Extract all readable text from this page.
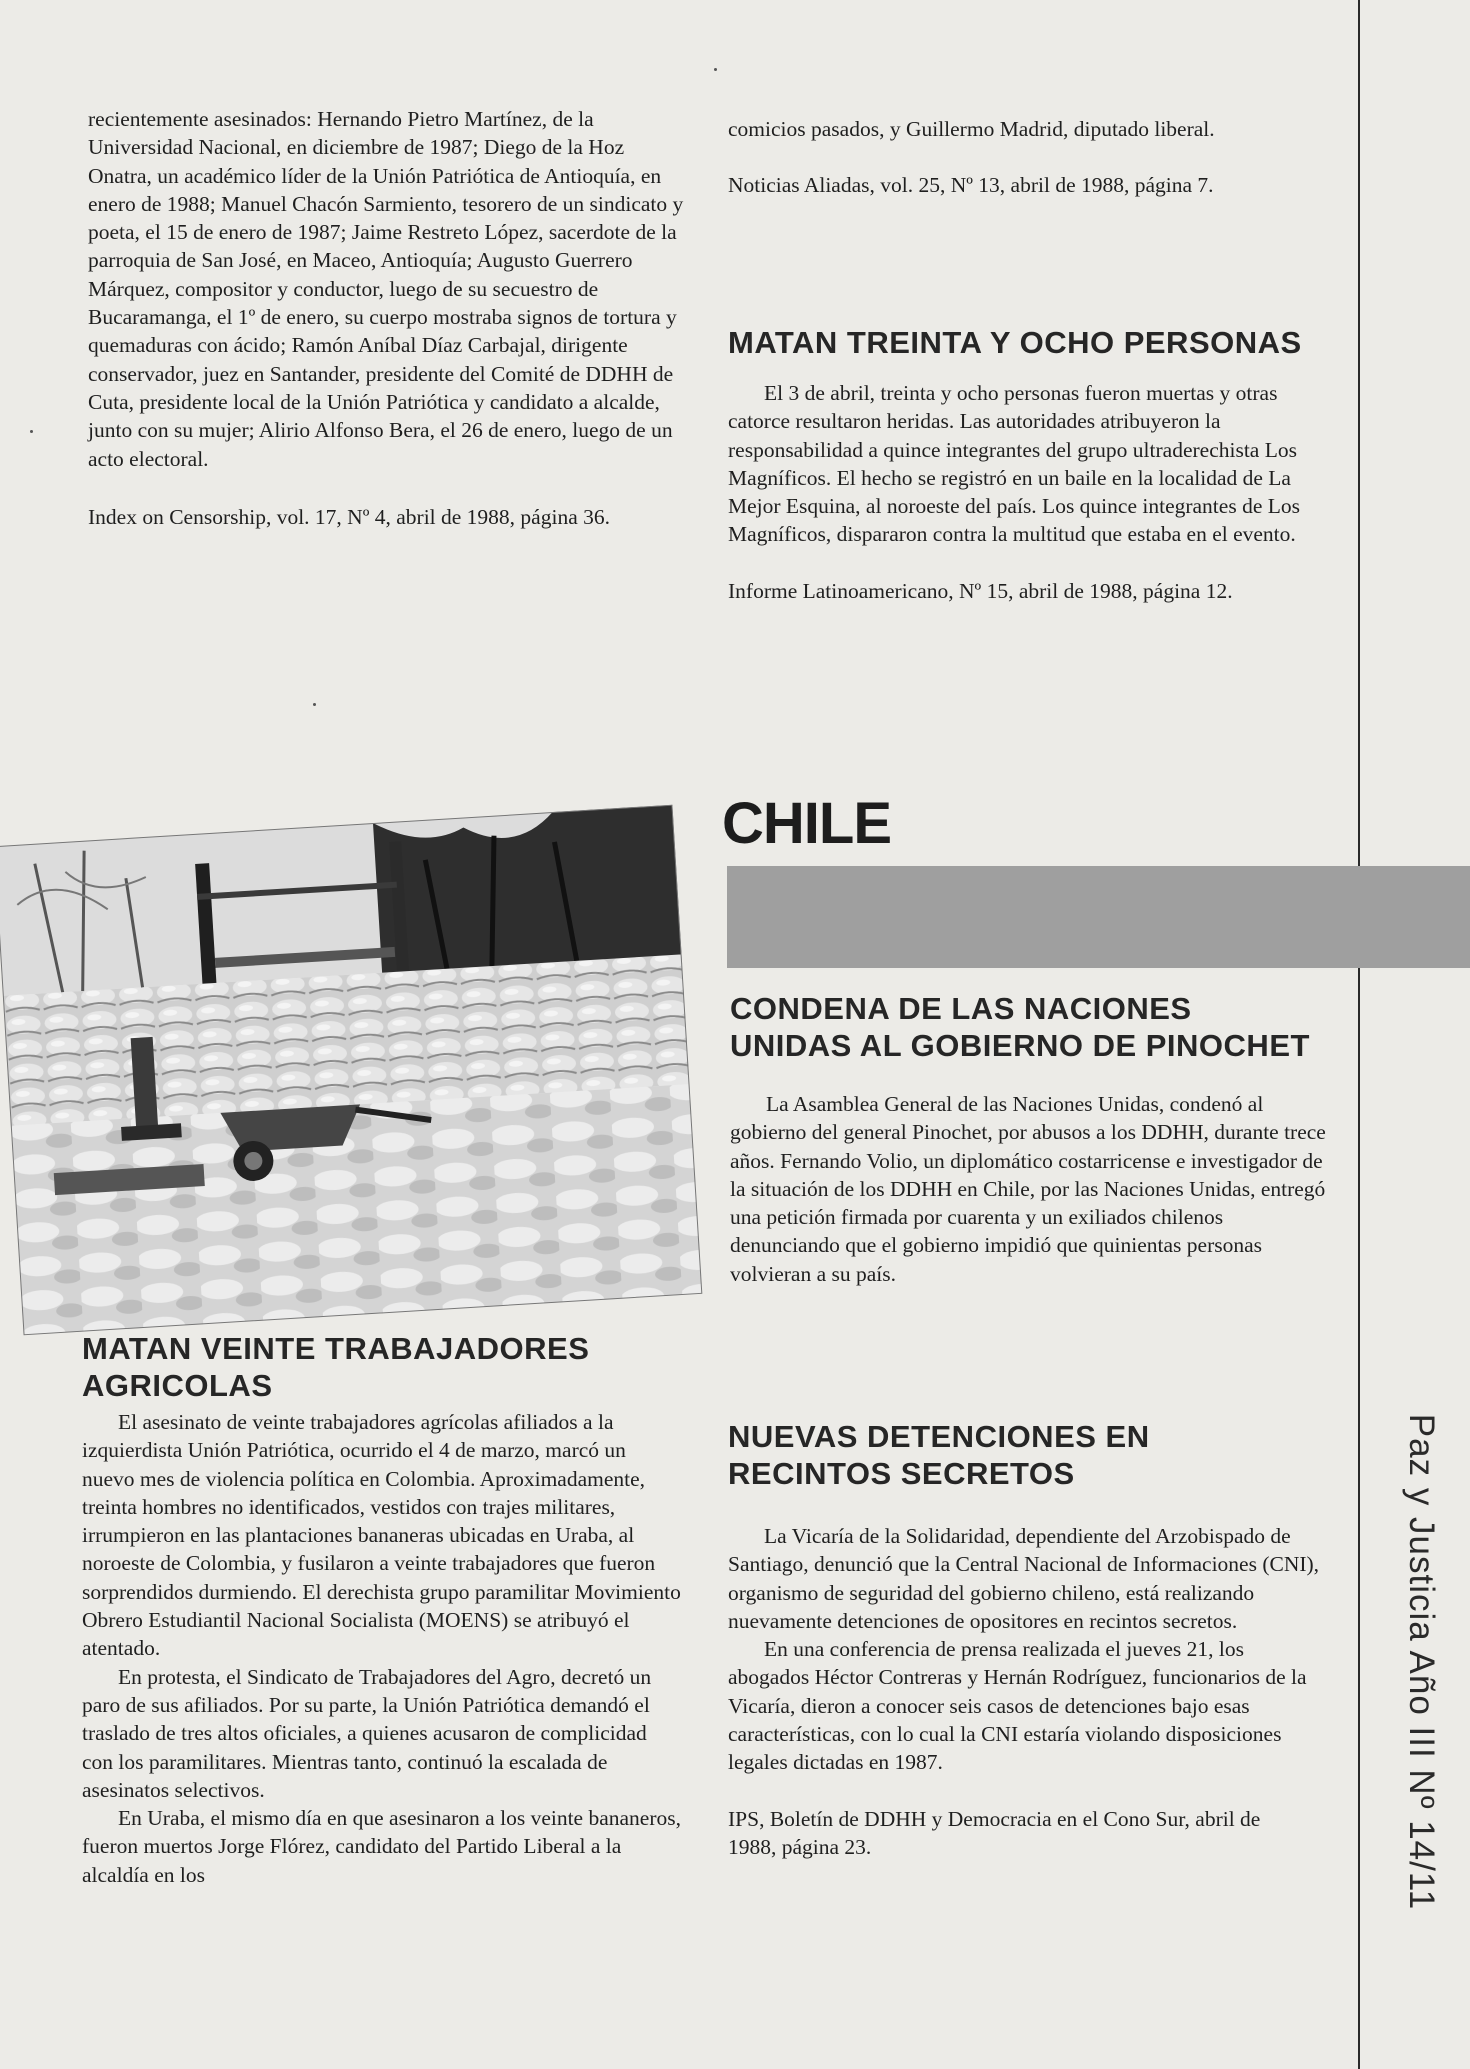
recientemente asesinados: Hernando Pietro Martínez, de la Universidad Nacional, en diciembre de 1987; Diego de la Hoz Onatra, un académico líder de la Unión Patriótica de Antioquía, en enero de 1988; Manuel Chacón Sarmiento, tesorero de un sindicato y poeta, el 15 de enero de 1987; Jaime Restreto López, sacerdote de la parroquia de San José, en Maceo, Antioquía; Augusto Guerrero Márquez, compositor y conductor, luego de su secuestro de Bucaramanga, el 1º de enero, su cuerpo mostraba signos de tortura y quemaduras con ácido; Ramón Aníbal Díaz Carbajal, dirigente conservador, juez en Santander, presidente del Comité de DDHH de Cuta, presidente local de la Unión Patriótica y candidato a alcalde, junto con su mujer; Alirio Alfonso Bera, el 26 de enero, luego de un acto electoral.

Index on Censorship, vol. 17, Nº 4, abril de 1988, página 36.

MATAN VEINTE TRABAJADORES AGRICOLAS

El asesinato de veinte trabajadores agrícolas afiliados a la izquierdista Unión Patriótica, ocurrido el 4 de marzo, marcó un nuevo mes de violencia política en Colombia. Aproximadamente, treinta hombres no identificados, vestidos con trajes militares, irrumpieron en las plantaciones bananeras ubicadas en Uraba, al noroeste de Colombia, y fusilaron a veinte trabajadores que fueron sorprendidos durmiendo. El derechista grupo paramilitar Movimiento Obrero Estudiantil Nacional Socialista (MOENS) se atribuyó el atentado.

En protesta, el Sindicato de Trabajadores del Agro, decretó un paro de sus afiliados. Por su parte, la Unión Patriótica demandó el traslado de tres altos oficiales, a quienes acusaron de complicidad con los paramilitares. Mientras tanto, continuó la escalada de asesinatos selectivos.

En Uraba, el mismo día en que asesinaron a los veinte bananeros, fueron muertos Jorge Flórez, candidato del Partido Liberal a la alcaldía en los

comicios pasados, y Guillermo Madrid, diputado liberal.

Noticias Aliadas, vol. 25, Nº 13, abril de 1988, página 7.

MATAN TREINTA Y OCHO PERSONAS

El 3 de abril, treinta y ocho personas fueron muertas y otras catorce resultaron heridas. Las autoridades atribuyeron la responsabilidad a quince integrantes del grupo ultraderechista Los Magníficos. El hecho se registró en un baile en la localidad de La Mejor Esquina, al noroeste del país. Los quince integrantes de Los Magníficos, dispararon contra la multitud que estaba en el evento.

Informe Latinoamericano, Nº 15, abril de 1988, página 12.

CHILE
CONDENA DE LAS NACIONES UNIDAS AL GOBIERNO DE PINOCHET

La Asamblea General de las Naciones Unidas, condenó al gobierno del general Pinochet, por abusos a los DDHH, durante trece años. Fernando Volio, un diplomático costarricense e investigador de la situación de los DDHH en Chile, por las Naciones Unidas, entregó una petición firmada por cuarenta y un exiliados chilenos denunciando que el gobierno impidió que quinientas personas volvieran a su país.

NUEVAS DETENCIONES EN RECINTOS SECRETOS

La Vicaría de la Solidaridad, dependiente del Arzobispado de Santiago, denunció que la Central Nacional de Informaciones (CNI), organismo de seguridad del gobierno chileno, está realizando nuevamente detenciones de opositores en recintos secretos.

En una conferencia de prensa realizada el jueves 21, los abogados Héctor Contreras y Hernán Rodríguez, funcionarios de la Vicaría, dieron a conocer seis casos de detenciones bajo esas características, con lo cual la CNI estaría violando disposiciones legales dictadas en 1987.

IPS, Boletín de DDHH y Democracia en el Cono Sur, abril de 1988, página 23.	Paz y Justicia Año III Nº 14/11
